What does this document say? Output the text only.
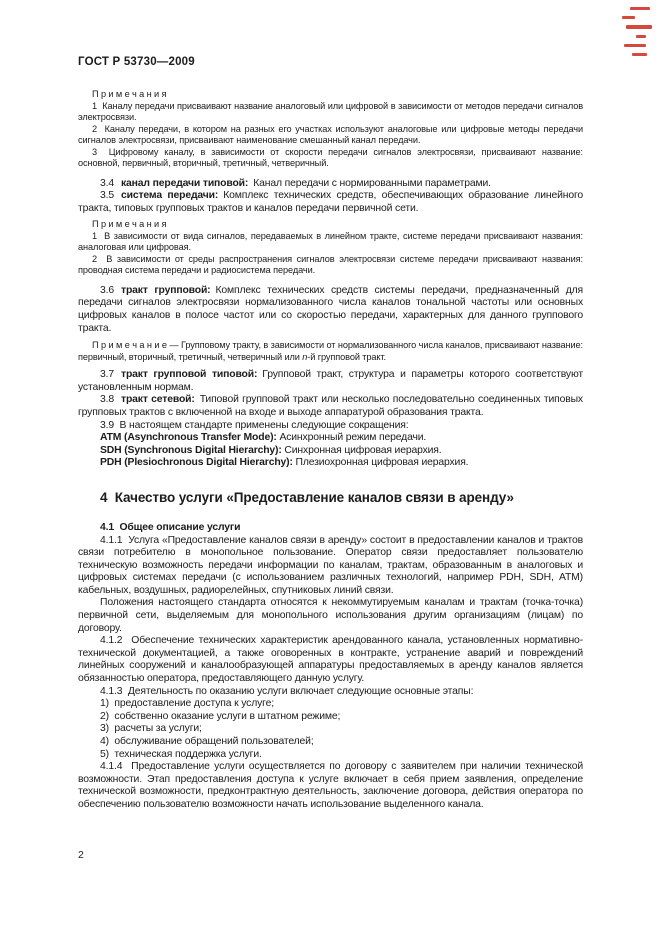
ГОСТ Р 53730—2009

П р и м е ч а н и я

1  Каналу передачи присваивают название аналоговый или цифровой в зависимости от методов передачи сигналов электросвязи.

2  Каналу передачи, в котором на разных его участках используют аналоговые или цифровые методы передачи сигналов электросвязи, присваивают наименование смешанный канал передачи.

3  Цифровому каналу, в зависимости от скорости передачи сигналов электросвязи, присваивают название: основной, первичный, вторичный, третичный, четверичный.

3.4 канал передачи типовой: Канал передачи с нормированными параметрами.

3.5 система передачи: Комплекс технических средств, обеспечивающих образование линейного тракта, типовых групповых трактов и каналов передачи первичной сети.

П р и м е ч а н и я

1  В зависимости от вида сигналов, передаваемых в линейном тракте, системе передачи присваивают названия: аналоговая или цифровая.

2  В зависимости от среды распространения сигналов электросвязи системе передачи присваивают названия: проводная система передачи и радиосистема передачи.

3.6 тракт групповой: Комплекс технических средств системы передачи, предназначенный для передачи сигналов электросвязи нормализованного числа каналов тональной частоты или основных цифровых каналов в полосе частот или со скоростью передачи, характерных для данного группового тракта.

П р и м е ч а н и е — Групповому тракту, в зависимости от нормализованного числа каналов, присваивают название: первичный, вторичный, третичный, четверичный или n-й групповой тракт.

3.7 тракт групповой типовой: Групповой тракт, структура и параметры которого соответствуют установленным нормам.

3.8 тракт сетевой: Типовой групповой тракт или несколько последовательно соединенных типовых групповых трактов с включенной на входе и выходе аппаратурой образования тракта.

3.9  В настоящем стандарте применены следующие сокращения:

ATM (Asynchronous Transfer Mode): Асинхронный режим передачи.

SDH (Synchronous Digital Hierarchy): Синхронная цифровая иерархия.

PDH (Plesiochronous Digital Hierarchy): Плезиохронная цифровая иерархия.

4  Качество услуги «Предоставление каналов связи в аренду»

4.1  Общее описание услуги

4.1.1  Услуга «Предоставление каналов связи в аренду» состоит в предоставлении каналов и трактов связи потребителю в монопольное пользование. Оператор связи предоставляет пользователю техническую возможность передачи информации по каналам, трактам, образованным в аналоговых и цифровых системах передачи (с использованием различных технологий, например PDH, SDH, ATM) кабельных, воздушных, радиорелейных, спутниковых линий связи.

Положения настоящего стандарта относятся к некоммутируемым каналам и трактам (точка-точка) первичной сети, выделяемым для монопольного использования другим организациям (лицам) по договору.

4.1.2  Обеспечение технических характеристик арендованного канала, установленных нормативно-технической документацией, а также оговоренных в контракте, устранение аварий и повреждений линейных сооружений и каналообразующей аппаратуры предоставляемых в аренду каналов является обязанностью оператора, предоставляющего данную услугу.

4.1.3  Деятельность по оказанию услуги включает следующие основные этапы:

1)  предоставление доступа к услуге;

2)  собственно оказание услуги в штатном режиме;

3)  расчеты за услуги;

4)  обслуживание обращений пользователей;

5)  техническая поддержка услуги.

4.1.4  Предоставление услуги осуществляется по договору с заявителем при наличии технической возможности. Этап предоставления доступа к услуге включает в себя прием заявления, определение технической возможности, предконтрактную деятельность, заключение договора, действия оператора по обеспечению пользователю возможности начать использование выделенного канала.

2
